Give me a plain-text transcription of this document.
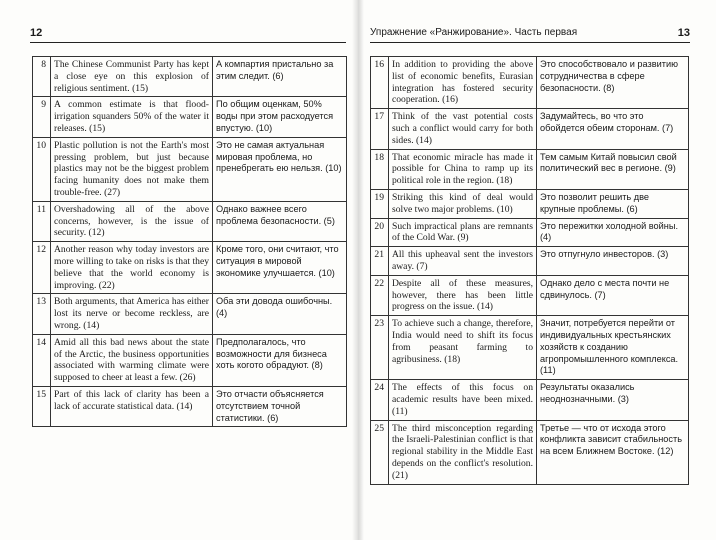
12
8	The Chinese Communist Party has kept a close eye on this explosion of religious sentiment. (15)	А компартия пристально за этим следит. (6)
9	A common estimate is that flood-irrigation squanders 50% of the water it releases. (15)	По общим оценкам, 50% воды при этом расходуется впустую. (10)
10	Plastic pollution is not the Earth's most pressing problem, but just because plastics may not be the biggest problem facing humanity does not make them trouble-free. (27)	Это не самая актуальная мировая проблема, но пренебрегать ею нельзя. (10)
11	Overshadowing all of the above concerns, however, is the issue of security. (12)	Однако важнее всего проблема безопасности. (5)
12	Another reason why today investors are more willing to take on risks is that they believe that the world economy is improving. (22)	Кроме того, они считают, что ситуация в мировой экономике улучшается. (10)
13	Both arguments, that America has either lost its nerve or become reckless, are wrong. (14)	Оба эти довода ошибочны. (4)
14	Amid all this bad news about the state of the Arctic, the business opportunities associated with warming climate were supposed to cheer at least a few. (26)	Предполагалось, что возможности для бизнеса хоть когото обрадуют. (8)
15	Part of this lack of clarity has been a lack of accurate statistical data. (14)	Это отчасти объясняется отсутствием точной статистики. (6)
Упражнение «Ранжирование». Часть первая	13
16	In addition to providing the above list of economic benefits, Eurasian integration has fostered security cooperation. (16)	Это способствовало и развитию сотрудничества в сфере безопасности. (8)
17	Think of the vast potential costs such a conflict would carry for both sides. (14)	Задумайтесь, во что это обойдется обеим сторонам. (7)
18	That economic miracle has made it possible for China to ramp up its political role in the region. (18)	Тем самым Китай повысил свой политический вес в регионе. (9)
19	Striking this kind of deal would solve two major problems. (10)	Это позволит решить две крупные проблемы. (6)
20	Such impractical plans are remnants of the Cold War. (9)	Это пережитки холодной войны. (4)
21	All this upheaval sent the investors away. (7)	Это отпугнуло инвесторов. (3)
22	Despite all of these measures, however, there has been little progress on the issue. (14)	Однако дело с места почти не сдвинулось. (7)
23	To achieve such a change, therefore, India would need to shift its focus from peasant farming to agribusiness. (18)	Значит, потребуется перейти от индивидуальных крестьянских хозяйств к созданию агропромышленного комплекса. (11)
24	The effects of this focus on academic results have been mixed. (11)	Результаты оказались неоднозначными. (3)
25	The third misconception regarding the Israeli-Palestinian conflict is that regional stability in the Middle East depends on the conflict's resolution. (21)	Третье — что от исхода этого конфликта зависит стабильность на всем Ближнем Востоке. (12)
